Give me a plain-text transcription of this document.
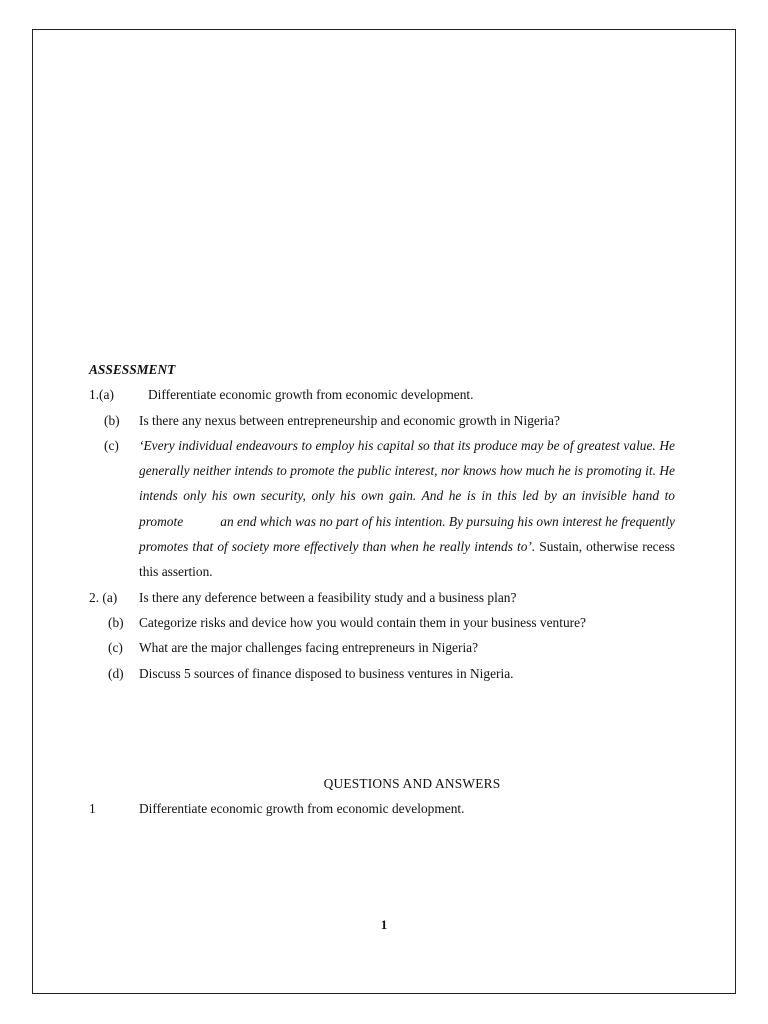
ASSESSMENT

1.(a)	Differentiate economic growth from economic development.
(b)	Is there any nexus between entrepreneurship and economic growth in Nigeria?
(c)	‘Every individual endeavours to employ his capital so that its produce may be of greatest value. He generally neither intends to promote the public interest, nor knows how much he is promoting it. He intends only his own security, only his own gain. And he is in this led by an invisible hand to promote           an end which was no part of his intention. By pursuing his own interest he frequently promotes that of society more effectively than when he really intends to’. Sustain, otherwise recess this assertion.
2. (a)	Is there any deference between a feasibility study and a business plan?
(b)	Categorize risks and device how you would contain them in your business venture?
(c)	What are the major challenges facing entrepreneurs in Nigeria?
(d)	Discuss 5 sources of finance disposed to business ventures in Nigeria.

QUESTIONS AND ANSWERS

1	Differentiate economic growth from economic development.
1
